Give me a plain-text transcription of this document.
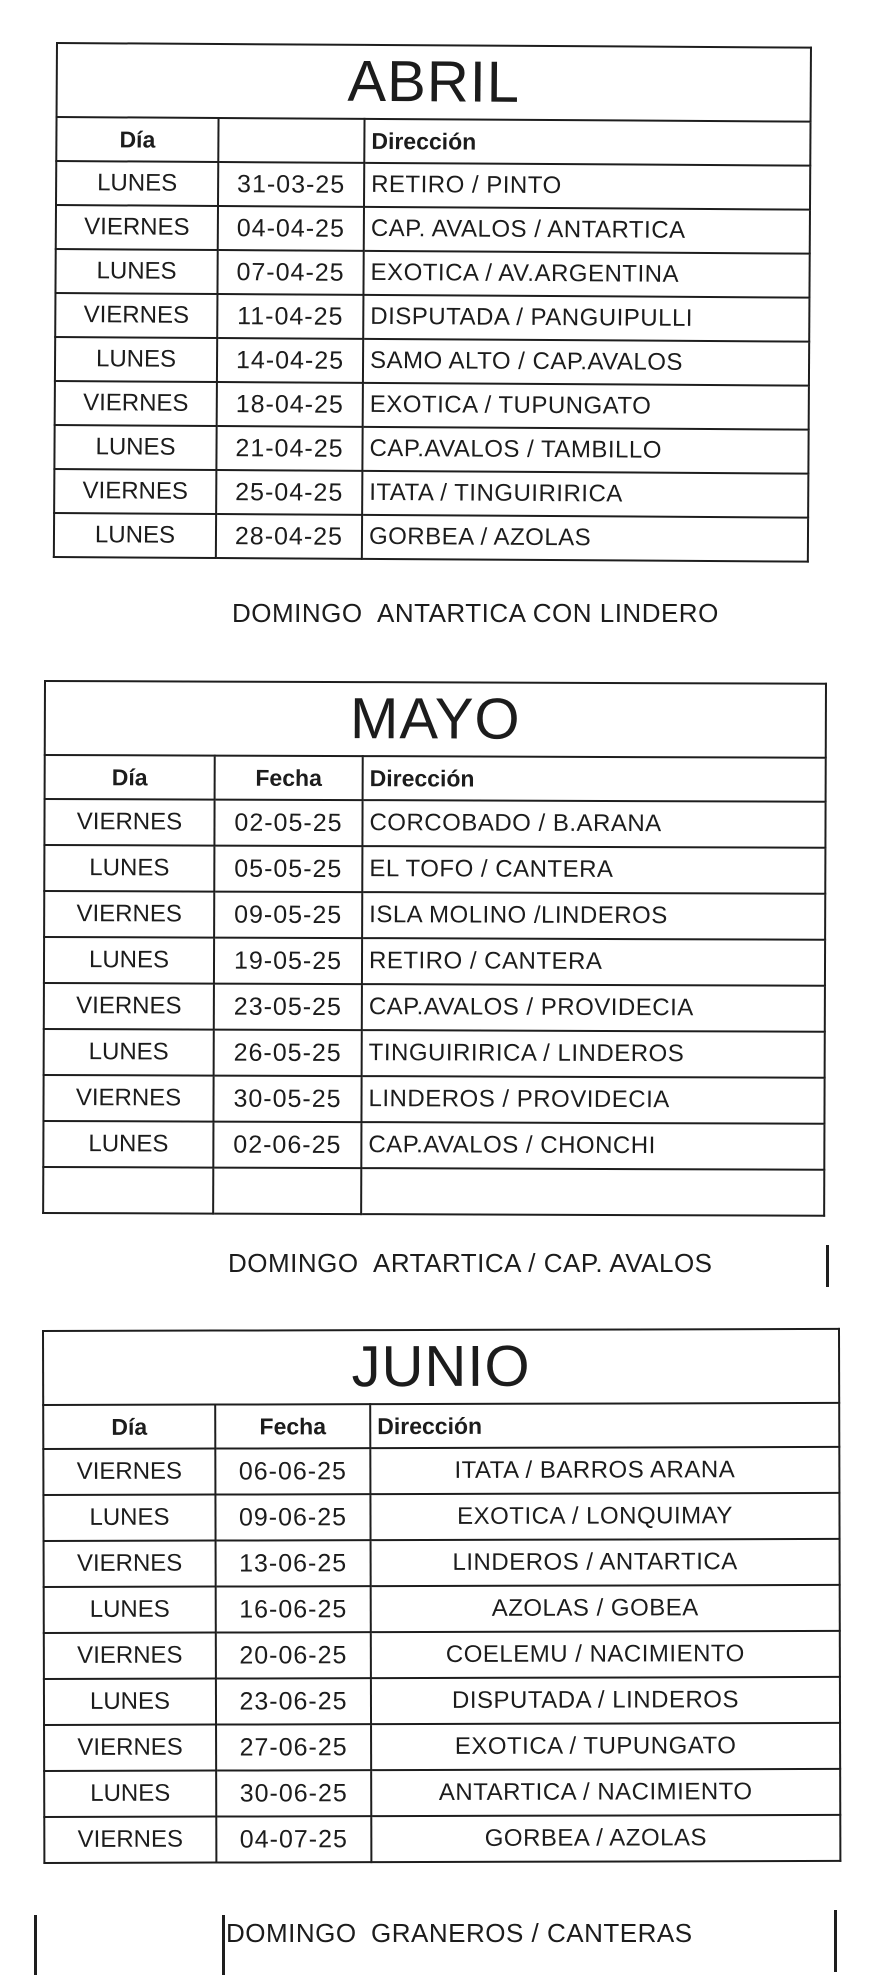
ABRIL		
Día		Dirección
LUNES	31-03-25	RETIRO / PINTO
VIERNES	04-04-25	CAP. AVALOS / ANTARTICA
LUNES	07-04-25	EXOTICA / AV.ARGENTINA
VIERNES	11-04-25	DISPUTADA / PANGUIPULLI
LUNES	14-04-25	SAMO ALTO / CAP.AVALOS
VIERNES	18-04-25	EXOTICA / TUPUNGATO
LUNES	21-04-25	CAP.AVALOS / TAMBILLO
VIERNES	25-04-25	ITATA / TINGUIRIRICA
LUNES	28-04-25	GORBEA / AZOLAS
DOMINGO ANTARTICA CON LINDERO
MAYO		
Día	Fecha	Dirección
VIERNES	02-05-25	CORCOBADO / B.ARANA
LUNES	05-05-25	EL TOFO / CANTERA
VIERNES	09-05-25	ISLA MOLINO /LINDEROS
LUNES	19-05-25	RETIRO / CANTERA
VIERNES	23-05-25	CAP.AVALOS / PROVIDECIA
LUNES	26-05-25	TINGUIRIRICA / LINDEROS
VIERNES	30-05-25	LINDEROS / PROVIDECIA
LUNES	02-06-25	CAP.AVALOS / CHONCHI

DOMINGO ARTARTICA / CAP. AVALOS
JUNIO		
Día	Fecha	Dirección
VIERNES	06-06-25	ITATA / BARROS ARANA
LUNES	09-06-25	EXOTICA / LONQUIMAY
VIERNES	13-06-25	LINDEROS / ANTARTICA
LUNES	16-06-25	AZOLAS / GOBEA
VIERNES	20-06-25	COELEMU / NACIMIENTO
LUNES	23-06-25	DISPUTADA / LINDEROS
VIERNES	27-06-25	EXOTICA / TUPUNGATO
LUNES	30-06-25	ANTARTICA / NACIMIENTO
VIERNES	04-07-25	GORBEA / AZOLAS
DOMINGO GRANEROS / CANTERAS
